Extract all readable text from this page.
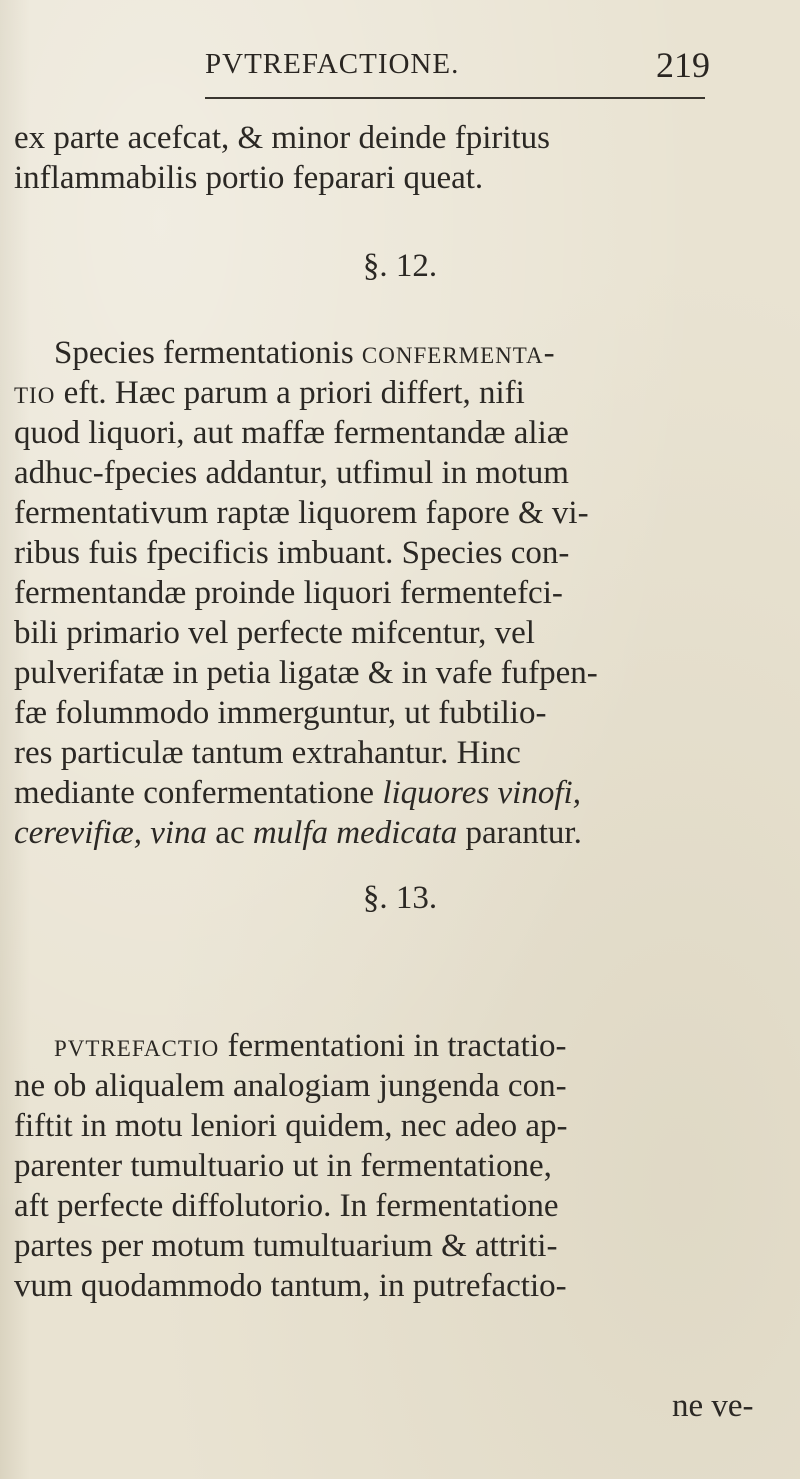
PVTREFACTIONE.	219
ex parte acefcat, & minor deinde fpiritus
inflammabilis portio feparari queat.
§. 12.
Species fermentationis confermenta-
tio eft. Hæc parum a priori differt, nifi
quod liquori, aut maffæ fermentandæ aliæ
adhuc-fpecies addantur, utfimul in motum
fermentativum raptæ liquorem fapore & vi-
ribus fuis fpecificis imbuant. Species con-
fermentandæ proinde liquori fermentefci-
bili primario vel perfecte mifcentur, vel
pulverifatæ in petia ligatæ & in vafe fufpen-
fæ folummodo immerguntur, ut fubtilio-
res particulæ tantum extrahantur. Hinc
mediante confermentatione liquores vinofi,
cerevifiæ, vina ac mulfa medicata parantur.
§. 13.
pvtrefactio fermentationi in tractatio-
ne ob aliqualem analogiam jungenda con-
fiftit in motu leniori quidem, nec adeo ap-
parenter tumultuario ut in fermentatione,
aft perfecte diffolutorio. In fermentatione
partes per motum tumultuarium & attriti-
vum quodammodo tantum, in putrefactio-
ne ve-
